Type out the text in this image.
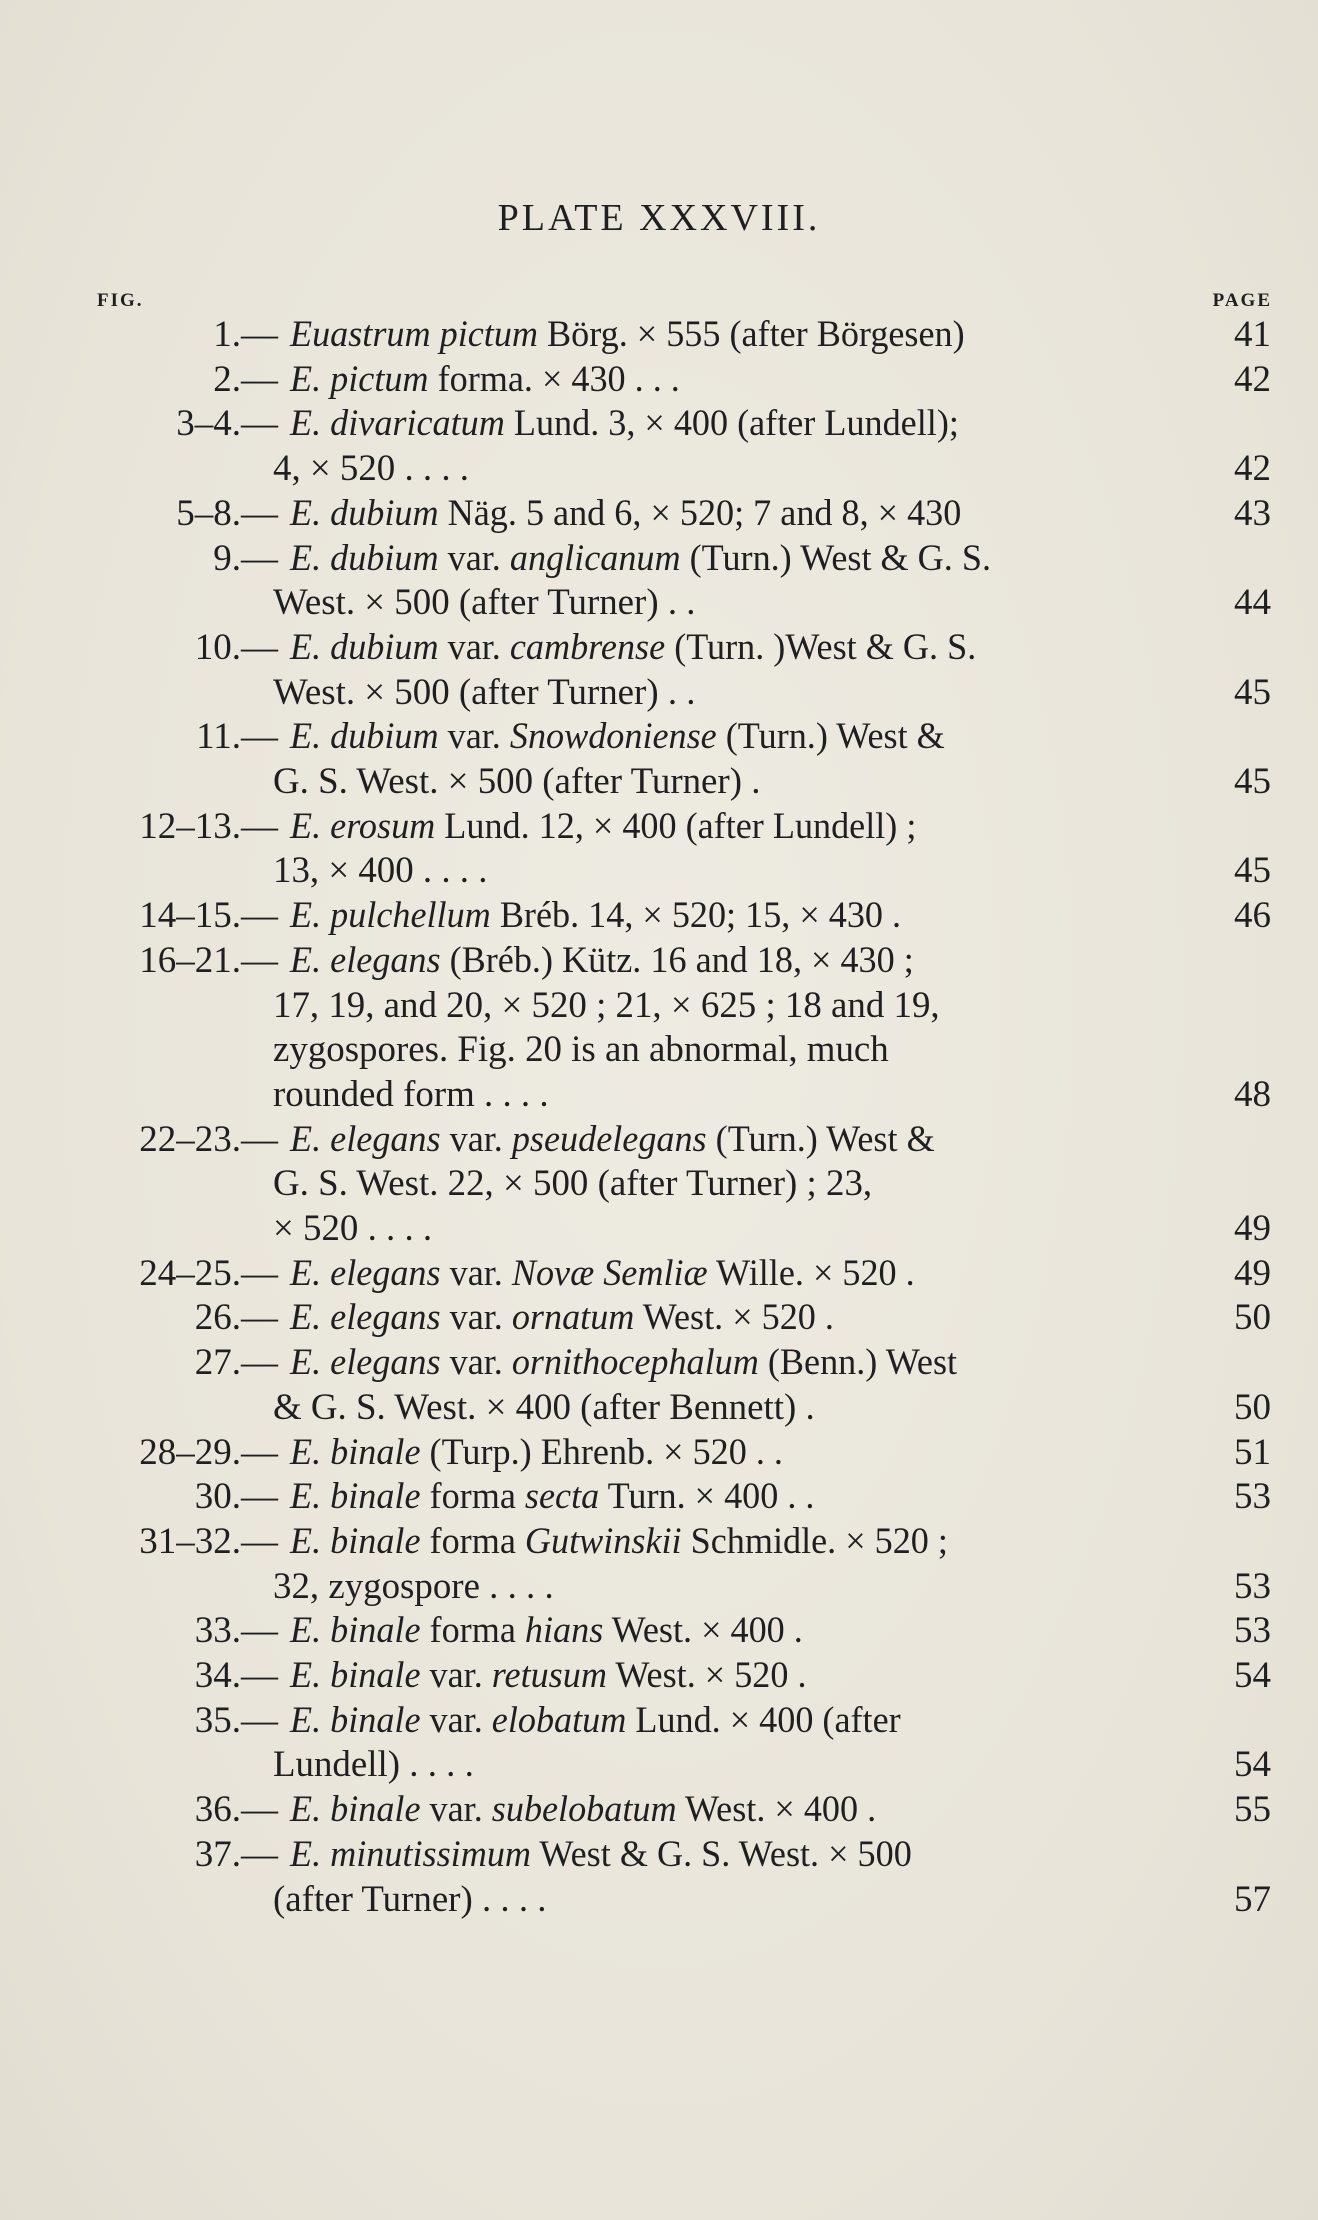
PLATE XXXVIII.
FIG.	PAGE
1. — Euastrum pictum Börg. × 555 (after Börgesen)	41
2. — E. pictum forma. × 430 . . .	42
3–4. — E. divaricatum Lund. 3, × 400 (after Lundell);
4, × 520 . . . .	42
5–8. — E. dubium Näg. 5 and 6, × 520; 7 and 8, × 430	43
9. — E. dubium var. anglicanum (Turn.) West & G. S.
West. × 500 (after Turner) . .	44
10. — E. dubium var. cambrense (Turn. )West & G. S.
West. × 500 (after Turner) . .	45
11. — E. dubium var. Snowdoniense (Turn.) West &
G. S. West. × 500 (after Turner) .	45
12–13. — E. erosum Lund. 12, × 400 (after Lundell) ;
13, × 400 . . . .	45
14–15. — E. pulchellum Bréb. 14, × 520; 15, × 430 .	46
16–21. — E. elegans (Bréb.) Kütz. 16 and 18, × 430 ;
17, 19, and 20, × 520 ; 21, × 625 ; 18 and 19,
zygospores. Fig. 20 is an abnormal, much
rounded form . . . .	48
22–23. — E. elegans var. pseudelegans (Turn.) West &
G. S. West. 22, × 500 (after Turner) ; 23,
× 520 . . . .	49
24–25. — E. elegans var. Novæ Semliæ Wille. × 520 .	49
26. — E. elegans var. ornatum West. × 520 .	50
27. — E. elegans var. ornithocephalum (Benn.) West
& G. S. West. × 400 (after Bennett) .	50
28–29. — E. binale (Turp.) Ehrenb. × 520 . .	51
30. — E. binale forma secta Turn. × 400 . .	53
31–32. — E. binale forma Gutwinskii Schmidle. × 520 ;
32, zygospore . . . .	53
33. — E. binale forma hians West. × 400 .	53
34. — E. binale var. retusum West. × 520 .	54
35. — E. binale var. elobatum Lund. × 400 (after
Lundell) . . . .	54
36. — E. binale var. subelobatum West. × 400 .	55
37. — E. minutissimum West & G. S. West. × 500
(after Turner) . . . .	57
